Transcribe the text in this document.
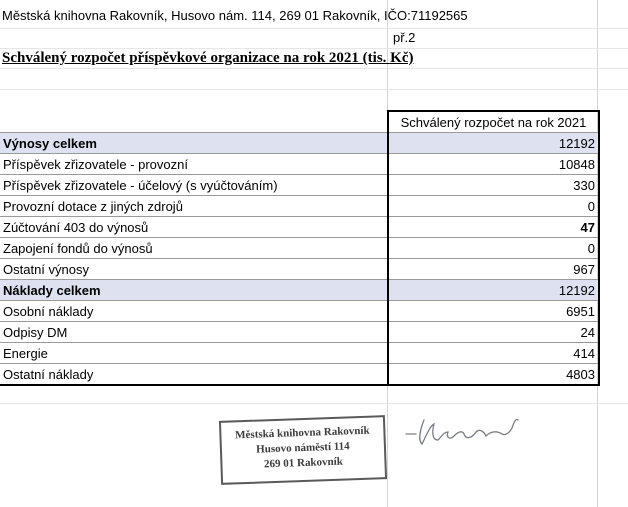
Městská knihovna Rakovník, Husovo nám. 114, 269 01 Rakovník, IČO:71192565
př.2
Schválený rozpočet příspěvkové organizace na rok 2021 (tis. Kč)
	Schválený rozpočet na rok 2021
Výnosy celkem	12192
Příspěvek zřizovatele - provozní	10848
Příspěvek zřizovatele - účelový (s vyúčtováním)	330
Provozní dotace z jiných zdrojů	0
Zúčtování 403 do výnosů	47
Zapojení fondů do výnosů	0
Ostatní výnosy	967
Náklady celkem	12192
Osobní náklady	6951
Odpisy DM	24
Energie	414
Ostatní náklady	4803
Městská knihovna Rakovník
Husovo náměstí 114
269 01 Rakovník
